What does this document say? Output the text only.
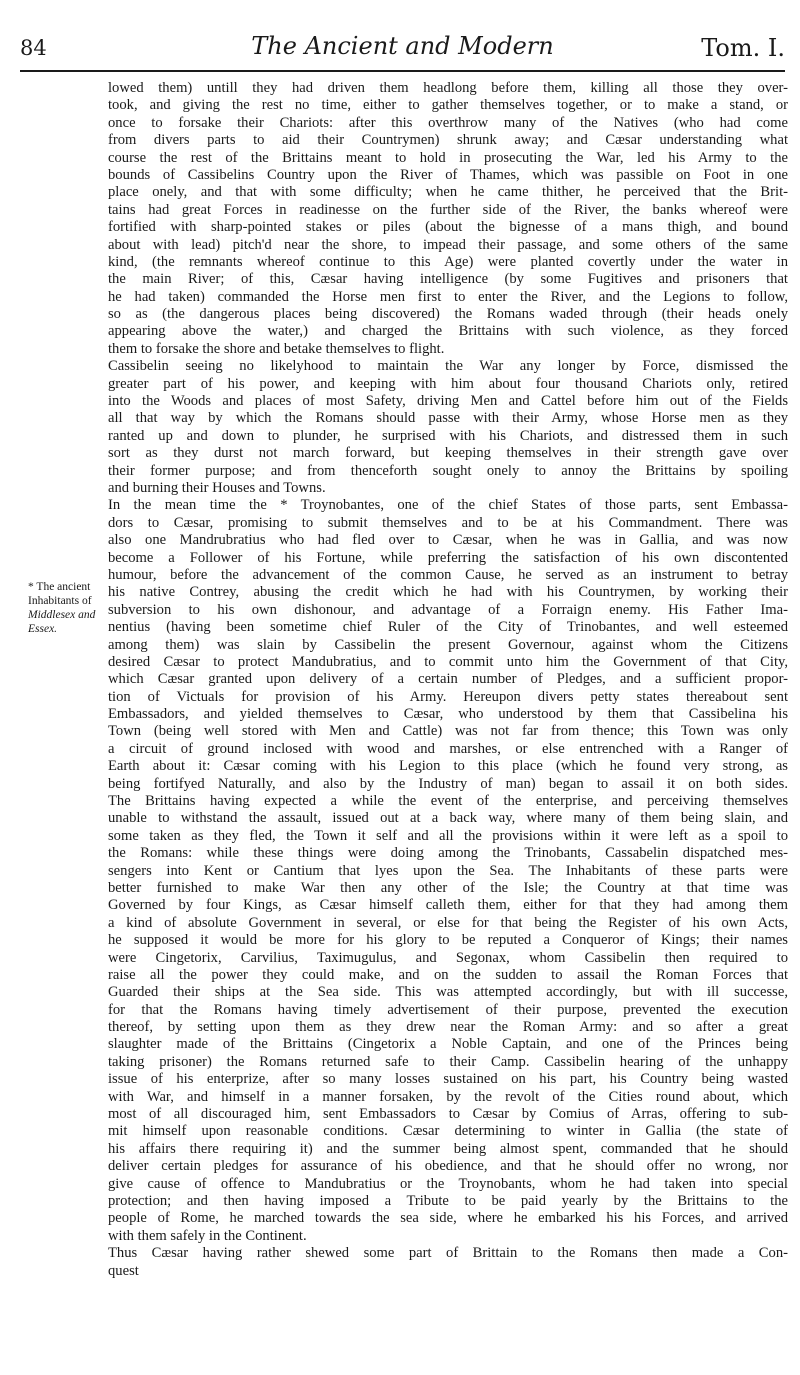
84	The Ancient and Modern	Tom. I.
* The ancient
Inhabitants of
Middlesex and
Essex.
lowed them) untill they had driven them headlong before them, killing all those they over-
took, and giving the rest no time, either to gather themselves together, or to make a stand, or
once to forsake their Chariots: after this overthrow many of the Natives (who had come
from divers parts to aid their Countrymen) shrunk away; and Cæsar understanding what
course the rest of the Brittains meant to hold in prosecuting the War, led his Army to the
bounds of Cassibelins Country upon the River of Thames, which was passible on Foot in one
place onely, and that with some difficulty; when he came thither, he perceived that the Brit-
tains had great Forces in readinesse on the further side of the River, the banks whereof were
fortified with sharp-pointed stakes or piles (about the bignesse of a mans thigh, and bound
about with lead) pitch'd near the shore, to impead their passage, and some others of the same
kind, (the remnants whereof continue to this Age) were planted covertly under the water in
the main River; of this, Cæsar having intelligence (by some Fugitives and prisoners that
he had taken) commanded the Horse men first to enter the River, and the Legions to follow,
so as (the dangerous places being discovered) the Romans waded through (their heads onely
appearing above the water,) and charged the Brittains with such violence, as they forced
them to forsake the shore and betake themselves to flight.
Cassibelin seeing no likelyhood to maintain the War any longer by Force, dismissed the
greater part of his power, and keeping with him about four thousand Chariots only, retired
into the Woods and places of most Safety, driving Men and Cattel before him out of the Fields
all that way by which the Romans should passe with their Army, whose Horse men as they
ranted up and down to plunder, he surprised with his Chariots, and distressed them in such
sort as they durst not march forward, but keeping themselves in their strength gave over
their former purpose; and from thenceforth sought onely to annoy the Brittains by spoiling
and burning their Houses and Towns.
In the mean time the * Troynobantes, one of the chief States of those parts, sent Embassa-
dors to Cæsar, promising to submit themselves and to be at his Commandment. There was
also one Mandrubratius who had fled over to Cæsar, when he was in Gallia, and was now
become a Follower of his Fortune, while preferring the satisfaction of his own discontented
humour, before the advancement of the common Cause, he served as an instrument to betray
his native Contrey, abusing the credit which he had with his Countrymen, by working their
subversion to his own dishonour, and advantage of a Forraign enemy. His Father Ima-
nentius (having been sometime chief Ruler of the City of Trinobantes, and well esteemed
among them) was slain by Cassibelin the present Governour, against whom the Citizens
desired Cæsar to protect Mandubratius, and to commit unto him the Government of that City,
which Cæsar granted upon delivery of a certain number of Pledges, and a sufficient propor-
tion of Victuals for provision of his Army. Hereupon divers petty states thereabout sent
Embassadors, and yielded themselves to Cæsar, who understood by them that Cassibelina his
Town (being well stored with Men and Cattle) was not far from thence; this Town was only
a circuit of ground inclosed with wood and marshes, or else entrenched with a Ranger of
Earth about it: Cæsar coming with his Legion to this place (which he found very strong, as
being fortifyed Naturally, and also by the Industry of man) began to assail it on both sides.
The Brittains having expected a while the event of the enterprise, and perceiving themselves
unable to withstand the assault, issued out at a back way, where many of them being slain, and
some taken as they fled, the Town it self and all the provisions within it were left as a spoil to
the Romans: while these things were doing among the Trinobants, Cassabelin dispatched mes-
sengers into Kent or Cantium that lyes upon the Sea. The Inhabitants of these parts were
better furnished to make War then any other of the Isle; the Country at that time was
Governed by four Kings, as Cæsar himself calleth them, either for that they had among them
a kind of absolute Government in several, or else for that being the Register of his own Acts,
he supposed it would be more for his glory to be reputed a Conqueror of Kings; their names
were Cingetorix, Carvilius, Taximugulus, and Segonax, whom Cassibelin then required to
raise all the power they could make, and on the sudden to assail the Roman Forces that
Guarded their ships at the Sea side. This was attempted accordingly, but with ill successe,
for that the Romans having timely advertisement of their purpose, prevented the execution
thereof, by setting upon them as they drew near the Roman Army: and so after a great
slaughter made of the Brittains (Cingetorix a Noble Captain, and one of the Princes being
taking prisoner) the Romans returned safe to their Camp. Cassibelin hearing of the unhappy
issue of his enterprize, after so many losses sustained on his part, his Country being wasted
with War, and himself in a manner forsaken, by the revolt of the Cities round about, which
most of all discouraged him, sent Embassadors to Cæsar by Comius of Arras, offering to sub-
mit himself upon reasonable conditions. Cæsar determining to winter in Gallia (the state of
his affairs there requiring it) and the summer being almost spent, commanded that he should
deliver certain pledges for assurance of his obedience, and that he should offer no wrong, nor
give cause of offence to Mandubratius or the Troynobants, whom he had taken into special
protection; and then having imposed a Tribute to be paid yearly by the Brittains to the
people of Rome, he marched towards the sea side, where he embarked his his Forces, and arrived
with them safely in the Continent.
Thus Cæsar having rather shewed some part of Brittain to the Romans then made a Con-
quest
